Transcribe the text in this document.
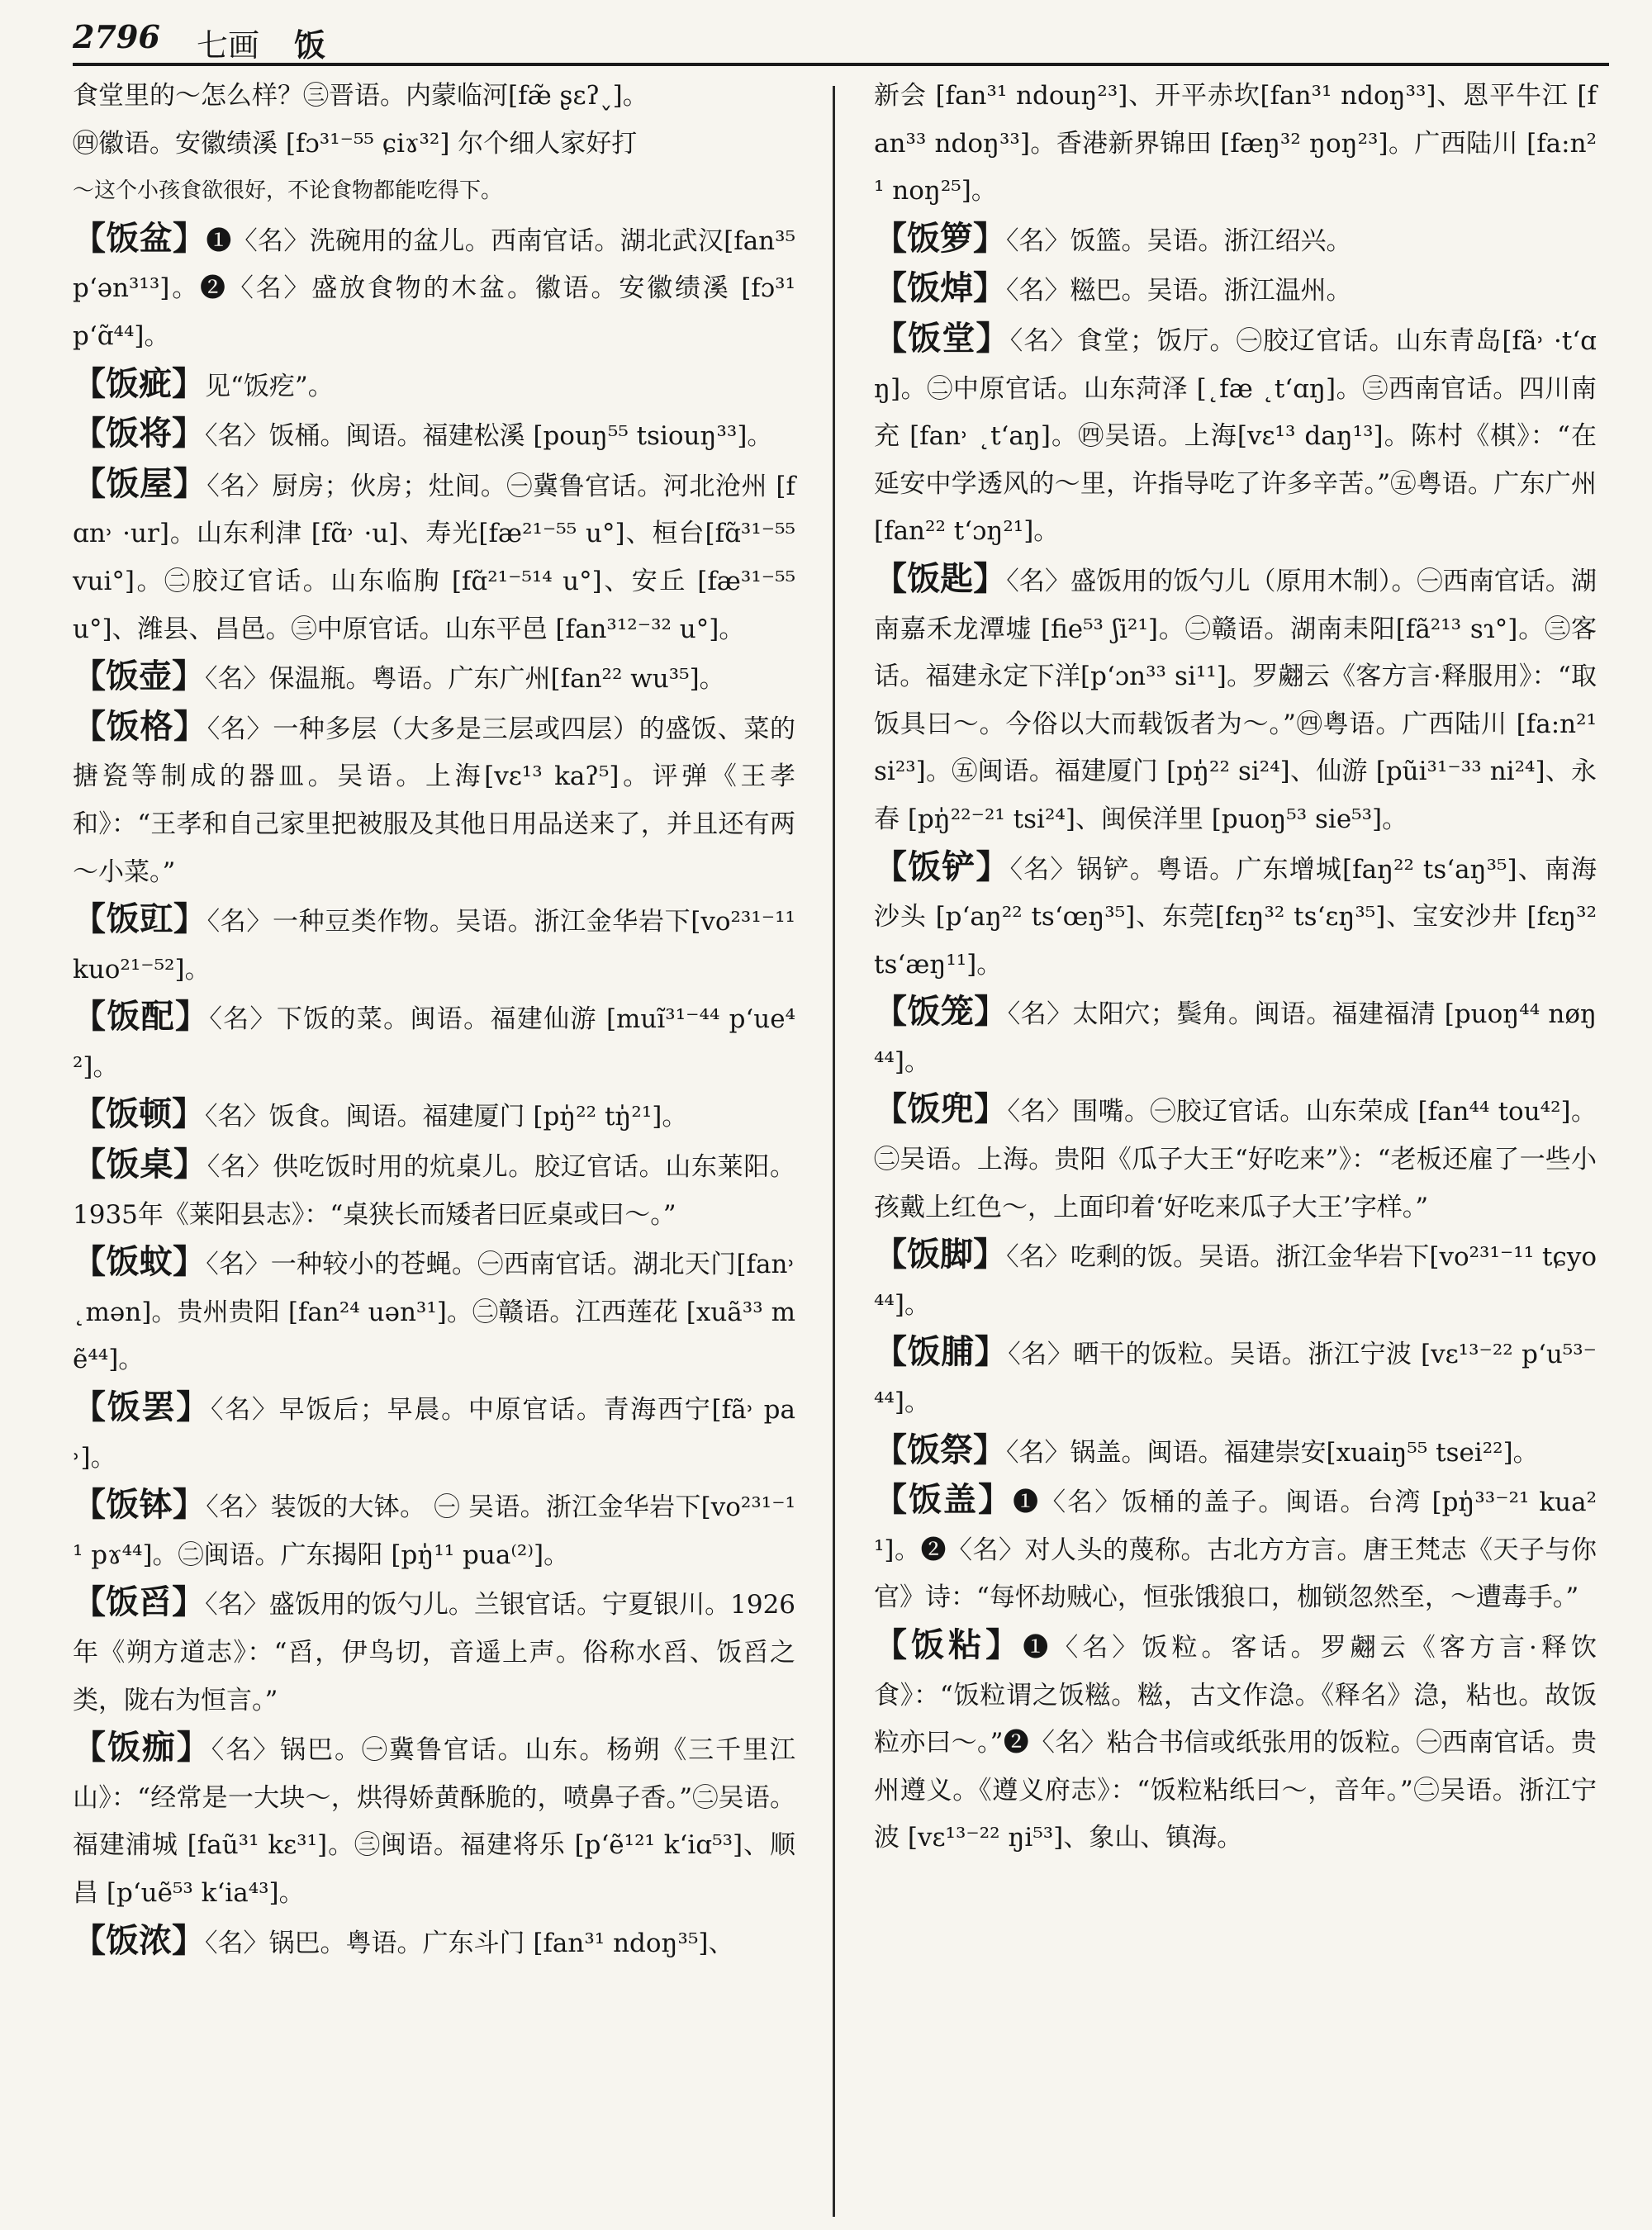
2796 七画 饭

食堂里的～怎么样？㊂晋语。内蒙临河[fæ̃ ʂɛʔ˯]。

㊃徽语。安徽绩溪 [fɔ³¹⁻⁵⁵ ɕiɤ³²] 尔个细人家好打

～这个小孩食欲很好，不论食物都能吃得下。

【饭盆】❶〈名〉洗碗用的盆儿。西南官话。湖北武汉[fan³⁵ p‘ən³¹³]。❷〈名〉盛放食物的木盆。徽语。安徽绩溪 [fɔ³¹ p‘ɑ̃⁴⁴]。

【饭疵】见“饭疙”。

【饭将】〈名〉饭桶。闽语。福建松溪 [pouŋ⁵⁵ tsiouŋ³³]。

【饭屋】〈名〉厨房；伙房；灶间。㊀冀鲁官话。河北沧州 [fɑn˒ ·ur]。山东利津 [fɑ̃˒ ·u]、寿光[fæ²¹⁻⁵⁵ u°]、桓台[fɑ̃³¹⁻⁵⁵ vui°]。㊁胶辽官话。山东临朐 [fɑ̃²¹⁻⁵¹⁴ u°]、安丘 [fæ³¹⁻⁵⁵ u°]、潍县、昌邑。㊂中原官话。山东平邑 [fan³¹²⁻³² u°]。

【饭壶】〈名〉保温瓶。粤语。广东广州[fan²² wu³⁵]。

【饭格】〈名〉一种多层（大多是三层或四层）的盛饭、菜的搪瓷等制成的器皿。吴语。上海[vɛ¹³ kaʔ⁵]。评弹《王孝和》：“王孝和自己家里把被服及其他日用品送来了，并且还有两～小菜。”

【饭豇】〈名〉一种豆类作物。吴语。浙江金华岩下[vo²³¹⁻¹¹ kuo²¹⁻⁵²]。

【饭配】〈名〉下饭的菜。闽语。福建仙游 [muĩ³¹⁻⁴⁴ p‘ue⁴²]。

【饭顿】〈名〉饭食。闽语。福建厦门 [pŋ̍²² tŋ̍²¹]。

【饭桌】〈名〉供吃饭时用的炕桌儿。胶辽官话。山东莱阳。1935年《莱阳县志》：“桌狭长而矮者曰匠桌或曰～。”

【饭蚊】〈名〉一种较小的苍蝇。㊀西南官话。湖北天门[fan˒ ˛mən]。贵州贵阳 [fan²⁴ uən³¹]。㊁赣语。江西莲花 [xuã³³ mẽ⁴⁴]。

【饭罢】〈名〉早饭后；早晨。中原官话。青海西宁[fã˒ pa˒]。

【饭钵】〈名〉装饭的大钵。 ㊀ 吴语。浙江金华岩下[vo²³¹⁻¹¹ pɤ⁴⁴]。㊁闽语。广东揭阳 [pŋ̍¹¹ pua⁽²⁾]。

【饭舀】〈名〉盛饭用的饭勺儿。兰银官话。宁夏银川。1926年《朔方道志》：“舀，伊鸟切，音遥上声。俗称水舀、饭舀之类，陇右为恒言。”

【饭痂】〈名〉锅巴。㊀冀鲁官话。山东。杨朔《三千里江山》：“经常是一大块～，烘得娇黄酥脆的，喷鼻子香。”㊁吴语。福建浦城 [faũ³¹ kɛ³¹]。㊂闽语。福建将乐 [p‘ẽ¹²¹ k‘iɑ⁵³]、顺昌 [p‘uẽ⁵³ k‘ia⁴³]。

【饭浓】〈名〉锅巴。粤语。广东斗门 [fan³¹ ndoŋ³⁵]、

新会 [fan³¹ ndouŋ²³]、开平赤坎[fan³¹ ndoŋ³³]、恩平牛江 [fan³³ ndoŋ³³]。香港新界锦田 [fæŋ³² ŋoŋ²³]。广西陆川 [fa:n²¹ noŋ²⁵]。

【饭箩】〈名〉饭篮。吴语。浙江绍兴。

【饭焯】〈名〉糍巴。吴语。浙江温州。

【饭堂】〈名〉食堂；饭厅。㊀胶辽官话。山东青岛[fã˒ ·t‘ɑŋ]。㊁中原官话。山东菏泽 [˛fæ ˛t‘ɑŋ]。㊂西南官话。四川南充 [fan˒ ˛t‘aŋ]。㊃吴语。上海[vɛ¹³ daŋ¹³]。陈村《棋》：“在延安中学透风的～里，许指导吃了许多辛苦。”㊄粤语。广东广州 [fan²² t‘ɔŋ²¹]。

【饭匙】〈名〉盛饭用的饭勺儿（原用木制）。㊀西南官话。湖南嘉禾龙潭墟 [fie⁵³ ʃi²¹]。㊁赣语。湖南耒阳[fã²¹³ sɿ°]。㊂客话。福建永定下洋[p‘ɔn³³ si¹¹]。罗翽云《客方言·释服用》：“取饭具曰～。今俗以大而载饭者为～。”㊃粤语。广西陆川 [fa:n²¹ si²³]。㊄闽语。福建厦门 [pŋ̍²² si²⁴]、仙游 [pũi³¹⁻³³ ni²⁴]、永春 [pŋ̍²²⁻²¹ tsi²⁴]、闽侯洋里 [puoŋ⁵³ sie⁵³]。

【饭铲】〈名〉锅铲。粤语。广东增城[faŋ²² ts‘aŋ³⁵]、南海沙头 [p‘aŋ²² ts‘œŋ³⁵]、东莞[fɛŋ³² ts‘ɛŋ³⁵]、宝安沙井 [fɛŋ³² ts‘æŋ¹¹]。

【饭笼】〈名〉太阳穴；鬓角。闽语。福建福清 [puoŋ⁴⁴ nøŋ⁴⁴]。

【饭兜】〈名〉围嘴。㊀胶辽官话。山东荣成 [fan⁴⁴ tou⁴²]。㊁吴语。上海。贵阳《瓜子大王“好吃来”》：“老板还雇了一些小孩戴上红色～，上面印着‘好吃来瓜子大王’字样。”

【饭脚】〈名〉吃剩的饭。吴语。浙江金华岩下[vo²³¹⁻¹¹ tɕyo⁴⁴]。

【饭脯】〈名〉晒干的饭粒。吴语。浙江宁波 [vɛ¹³⁻²² p‘u⁵³⁻⁴⁴]。

【饭祭】〈名〉锅盖。闽语。福建崇安[xuaiŋ⁵⁵ tsei²²]。

【饭盖】❶〈名〉饭桶的盖子。闽语。台湾 [pŋ̍³³⁻²¹ kua²¹]。❷〈名〉对人头的蔑称。古北方方言。唐王梵志《天子与你官》诗：“每怀劫贼心，恒张饿狼口，枷锁忽然至，～遭毒手。”

【饭粘】❶〈名〉饭粒。客话。罗翽云《客方言·释饮食》：“饭粒谓之饭糍。糍，古文作㴔。《释名》㴔，粘也。故饭粒亦曰～。”❷〈名〉粘合书信或纸张用的饭粒。㊀西南官话。贵州遵义。《遵义府志》：“饭粒粘纸曰～，音年。”㊁吴语。浙江宁波 [vɛ¹³⁻²² ŋi⁵³]、象山、镇海。
